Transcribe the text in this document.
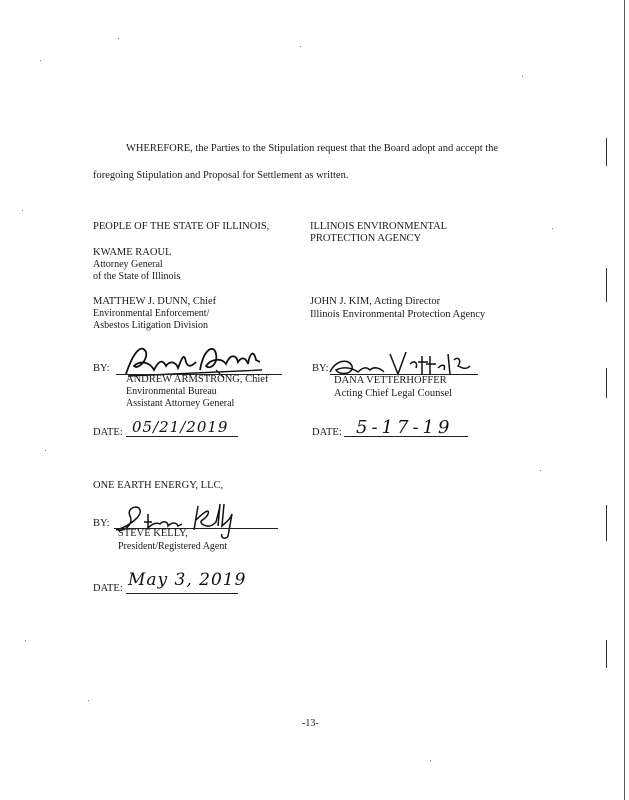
WHEREFORE, the Parties to the Stipulation request that the Board adopt and accept the
foregoing Stipulation and Proposal for Settlement as written.
PEOPLE OF THE STATE OF ILLINOIS,
KWAME RAOUL
Attorney General
of the State of Illinois
MATTHEW J. DUNN, Chief
Environmental Enforcement/
Asbestos Litigation Division
BY:
ANDREW ARMSTRONG, Chief
Environmental Bureau
Assistant Attorney General
DATE: 05/21/2019
ILLINOIS ENVIRONMENTAL
PROTECTION AGENCY
JOHN J. KIM, Acting Director
Illinois Environmental Protection Agency
BY:
DANA VETTERHOFFER
Acting Chief Legal Counsel
DATE: 5-17-19
ONE EARTH ENERGY, LLC,
BY:
STEVE KELLY,
President/Registered Agent
DATE: May 3, 2019
-13-
